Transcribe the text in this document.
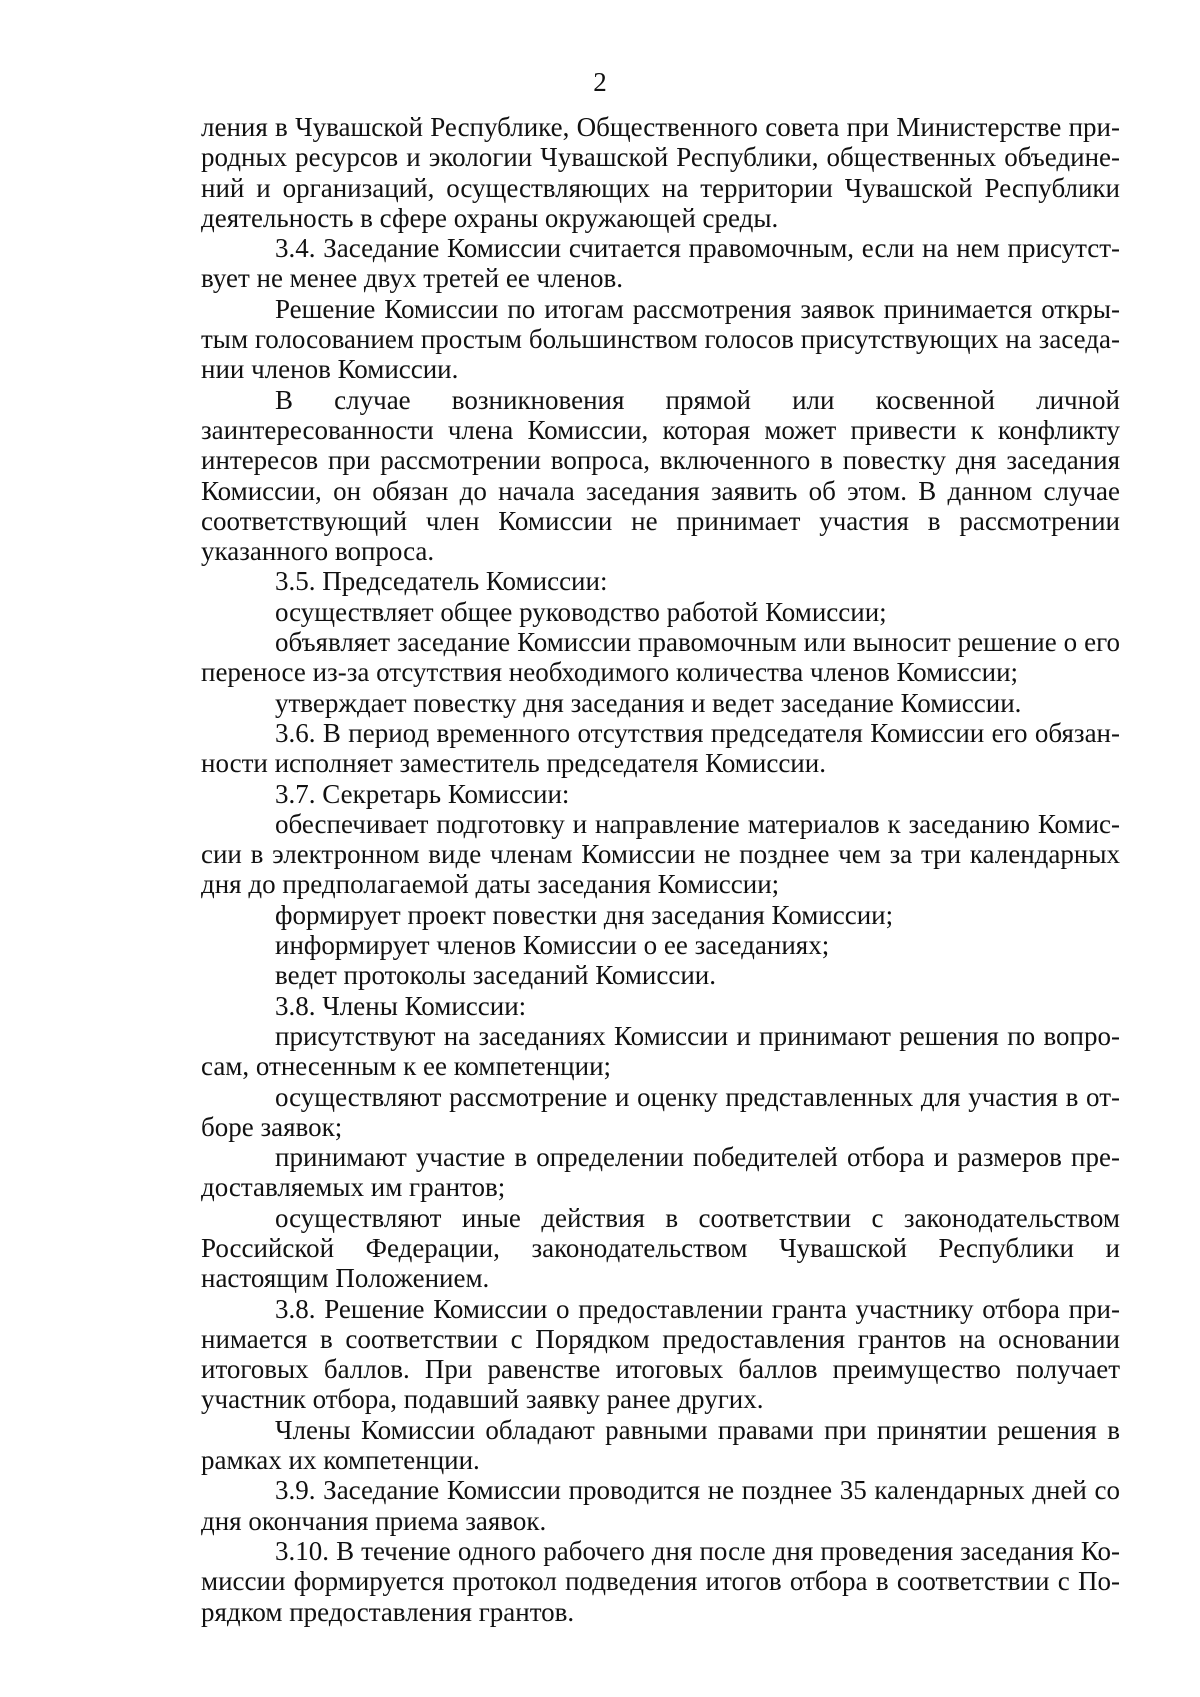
2

ления в Чувашской Республике, Общественного совета при Министерстве природных ресурсов и экологии Чувашской Республики, общественных объединений и организаций, осуществляющих на территории Чувашской Республики деятельность в сфере охраны окружающей среды.

3.4. Заседание Комиссии считается правомочным, если на нем присутствует не менее двух третей ее членов.

Решение Комиссии по итогам рассмотрения заявок принимается открытым голосованием простым большинством голосов присутствующих на заседании членов Комиссии.

В случае возникновения прямой или косвенной личной заинтересованности члена Комиссии, которая может привести к конфликту интересов при рассмотрении вопроса, включенного в повестку дня заседания Комиссии, он обязан до начала заседания заявить об этом. В данном случае соответствующий член Комиссии не принимает участия в рассмотрении указанного вопроса.

3.5. Председатель Комиссии:

осуществляет общее руководство работой Комиссии;

объявляет заседание Комиссии правомочным или выносит решение о его переносе из-за отсутствия необходимого количества членов Комиссии;

утверждает повестку дня заседания и ведет заседание Комиссии.

3.6. В период временного отсутствия председателя Комиссии его обязанности исполняет заместитель председателя Комиссии.

3.7. Секретарь Комиссии:

обеспечивает подготовку и направление материалов к заседанию Комиссии в электронном виде членам Комиссии не позднее чем за три календарных дня до предполагаемой даты заседания Комиссии;

формирует проект повестки дня заседания Комиссии;

информирует членов Комиссии о ее заседаниях;

ведет протоколы заседаний Комиссии.

3.8. Члены Комиссии:

присутствуют на заседаниях Комиссии и принимают решения по вопросам, отнесенным к ее компетенции;

осуществляют рассмотрение и оценку представленных для участия в отборе заявок;

принимают участие в определении победителей отбора и размеров предоставляемых им грантов;

осуществляют иные действия в соответствии с законодательством Российской Федерации, законодательством Чувашской Республики и настоящим Положением.

3.8. Решение Комиссии о предоставлении гранта участнику отбора принимается в соответствии с Порядком предоставления грантов на основании итоговых баллов. При равенстве итоговых баллов преимущество получает участник отбора, подавший заявку ранее других.

Члены Комиссии обладают равными правами при принятии решения в рамках их компетенции.

3.9. Заседание Комиссии проводится не позднее 35 календарных дней со дня окончания приема заявок.

3.10. В течение одного рабочего дня после дня проведения заседания Комиссии формируется протокол подведения итогов отбора в соответствии с Порядком предоставления грантов.
